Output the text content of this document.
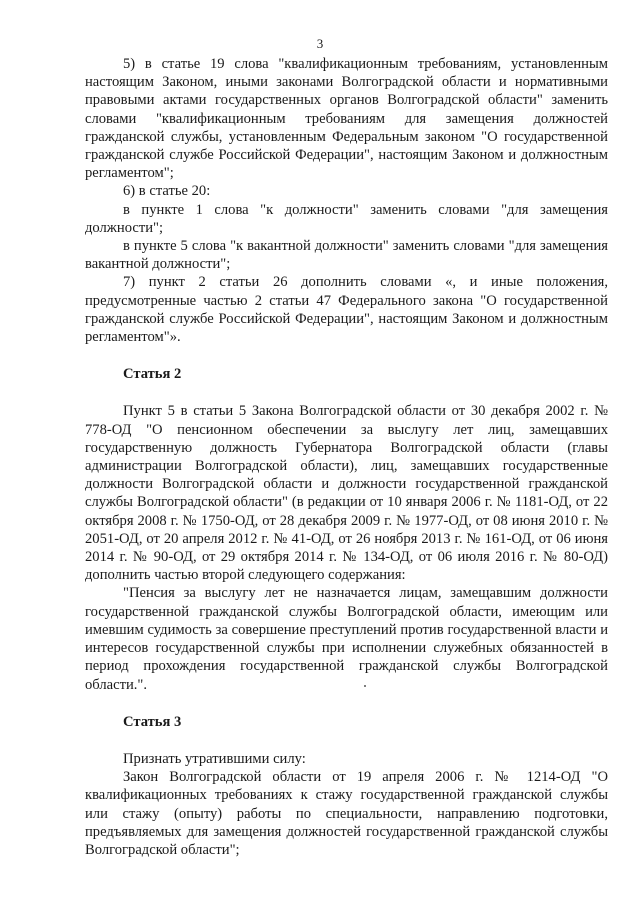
3

5) в статье 19 слова "квалификационным требованиям, установленным настоящим Законом, иными законами Волгоградской области и нормативными правовыми актами государственных органов Волгоградской области" заменить словами "квалификационным требованиям для замещения должностей гражданской службы, установленным Федеральным законом "О государственной гражданской службе Российской Федерации", настоящим Законом и должностным регламентом";

6) в статье 20:

в пункте 1 слова "к должности" заменить словами "для замещения должности";

в пункте 5 слова "к вакантной должности" заменить словами "для замещения вакантной должности";

7) пункт 2 статьи 26 дополнить словами «, и иные положения, предусмотренные частью 2 статьи 47 Федерального закона "О государственной гражданской службе Российской Федерации", настоящим Законом и должностным регламентом"».

Статья 2

Пункт 5 в статьи 5 Закона Волгоградской области от 30 декабря 2002 г. № 778-ОД "О пенсионном обеспечении за выслугу лет лиц, замещавших государственную должность Губернатора Волгоградской области (главы администрации Волгоградской области), лиц, замещавших государственные должности Волгоградской области и должности государственной гражданской службы Волгоградской области" (в редакции от 10 января 2006 г. № 1181-ОД, от 22 октября 2008 г. № 1750-ОД, от 28 декабря 2009 г. № 1977-ОД, от 08 июня 2010 г. № 2051-ОД, от 20 апреля 2012 г. № 41-ОД, от 26 ноября 2013 г. № 161-ОД, от 06 июня 2014 г. № 90-ОД, от 29 октября 2014 г. № 134-ОД, от 06 июля 2016 г. № 80-ОД) дополнить частью второй следующего содержания:

"Пенсия за выслугу лет не назначается лицам, замещавшим должности государственной гражданской службы Волгоградской области, имеющим или имевшим судимость за совершение преступлений против государственной власти и интересов государственной службы при исполнении служебных обязанностей в период прохождения государственной гражданской службы Волгоградской области.".

Статья 3

Признать утратившими силу:

Закон Волгоградской области от 19 апреля 2006 г. № 1214-ОД "О квалификационных требованиях к стажу государственной гражданской службы или стажу (опыту) работы по специальности, направлению подготовки, предъявляемых для замещения должностей государственной гражданской службы Волгоградской области";
